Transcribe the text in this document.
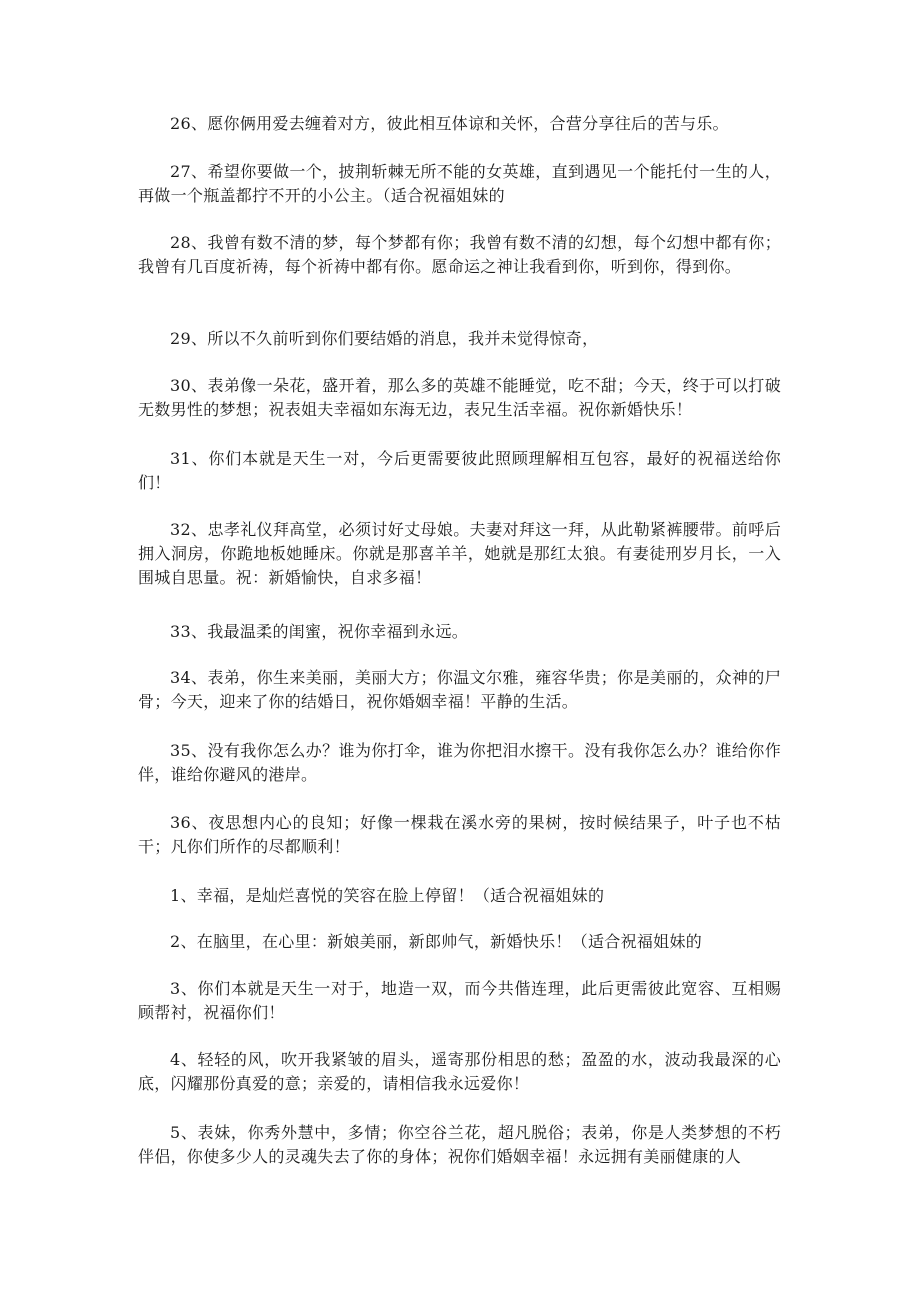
26、愿你俩用爱去缠着对方，彼此相互体谅和关怀，合营分享往后的苦与乐。

27、希望你要做一个，披荆斩棘无所不能的女英雄，直到遇见一个能托付一生的人，再做一个瓶盖都拧不开的小公主。（适合祝福姐妹的

28、我曾有数不清的梦，每个梦都有你；我曾有数不清的幻想，每个幻想中都有你；我曾有几百度祈祷，每个祈祷中都有你。愿命运之神让我看到你，听到你，得到你。

29、所以不久前听到你们要结婚的消息，我并未觉得惊奇，

30、表弟像一朵花，盛开着，那么多的英雄不能睡觉，吃不甜；今天，终于可以打破无数男性的梦想；祝表姐夫幸福如东海无边，表兄生活幸福。祝你新婚快乐！

31、你们本就是天生一对，今后更需要彼此照顾理解相互包容，最好的祝福送给你们！

32、忠孝礼仪拜高堂，必须讨好丈母娘。夫妻对拜这一拜，从此勒紧裤腰带。前呼后拥入洞房，你跪地板她睡床。你就是那喜羊羊，她就是那红太狼。有妻徒刑岁月长，一入围城自思量。祝：新婚愉快，自求多福！

33、我最温柔的闺蜜，祝你幸福到永远。

34、表弟，你生来美丽，美丽大方；你温文尔雅，雍容华贵；你是美丽的，众神的尸骨；今天，迎来了你的结婚日，祝你婚姻幸福！平静的生活。

35、没有我你怎么办？谁为你打伞，谁为你把泪水擦干。没有我你怎么办？谁给你作伴，谁给你避风的港岸。

36、夜思想内心的良知；好像一棵栽在溪水旁的果树，按时候结果子，叶子也不枯干；凡你们所作的尽都顺利！

1、幸福，是灿烂喜悦的笑容在脸上停留！（适合祝福姐妹的

2、在脑里，在心里：新娘美丽，新郎帅气，新婚快乐！（适合祝福姐妹的

3、你们本就是天生一对于，地造一双，而今共偕连理，此后更需彼此宽容、互相赐顾帮衬，祝福你们！

4、轻轻的风，吹开我紧皱的眉头，遥寄那份相思的愁；盈盈的水，波动我最深的心底，闪耀那份真爱的意；亲爱的，请相信我永远爱你！

5、表妹，你秀外慧中，多情；你空谷兰花，超凡脱俗；表弟，你是人类梦想的不朽伴侣，你使多少人的灵魂失去了你的身体；祝你们婚姻幸福！永远拥有美丽健康的人
